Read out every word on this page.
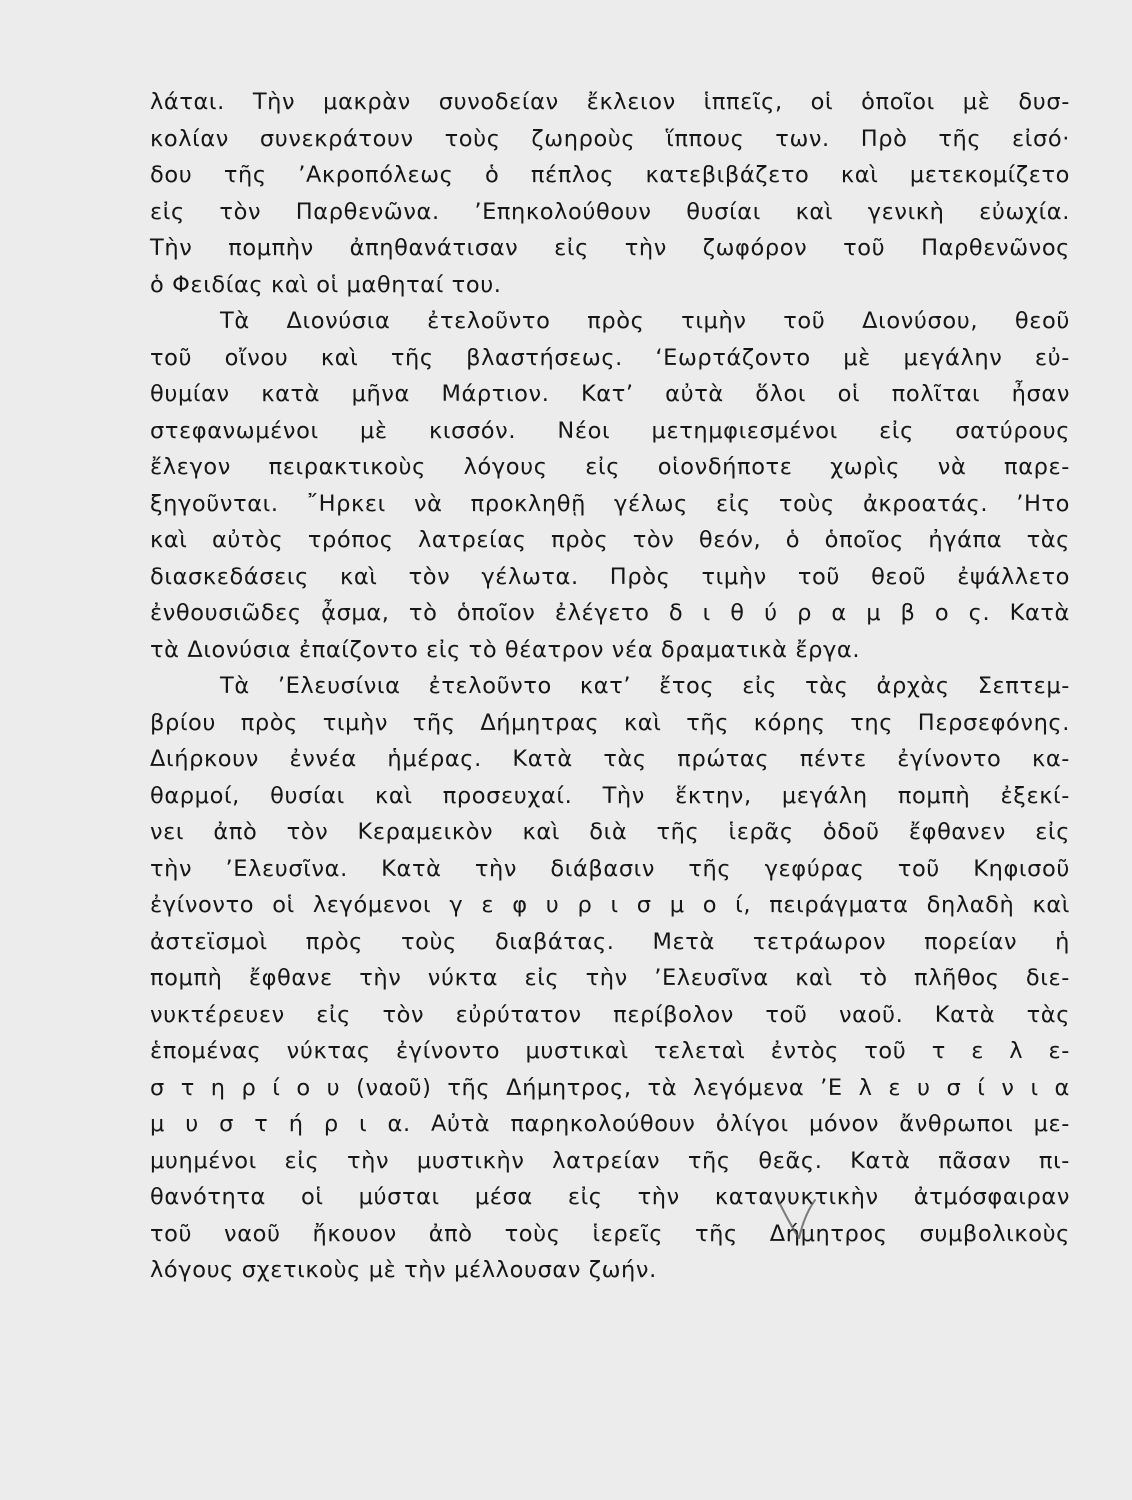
λάται. Τὴν μακρὰν συνοδείαν ἔκλειον ἱππεῖς, οἱ ὁποῖοι μὲ δυσ-
κολίαν συνεκράτουν τοὺς ζωηροὺς ἵππους των. Πρὸ τῆς εἰσό·
δου τῆς ’Ακροπόλεως ὁ πέπλος κατεβιβάζετο καὶ μετεκομίζετο
εἰς τὸν Παρθενῶνα. ’Επηκολούθουν θυσίαι καὶ γενικὴ εὐωχία.
Τὴν πομπὴν ἀπηθανάτισαν εἰς τὴν ζωφόρον τοῦ Παρθενῶνος
ὁ Φειδίας καὶ οἱ μαθηταί του.
Τὰ Διονύσια ἐτελοῦντο πρὸς τιμὴν τοῦ Διονύσου, θεοῦ
τοῦ οἴνου καὶ τῆς βλαστήσεως. ‘Εωρτάζοντο μὲ μεγάλην εὐ-
θυμίαν κατὰ μῆνα Μάρτιον. Κατ’ αὐτὰ ὅλοι οἱ πολῖται ἦσαν
στεφανωμένοι μὲ κισσόν. Νέοι μετημφιεσμένοι εἰς σατύρους
ἔλεγον πειρακτικοὺς λόγους εἰς οἱονδήποτε χωρὶς νὰ παρε-
ξηγοῦνται. ῎Ηρκει νὰ προκληθῇ γέλως εἰς τοὺς ἀκροατάς. ’Ητο
καὶ αὐτὸς τρόπος λατρείας πρὸς τὸν θεόν, ὁ ὁποῖος ἠγάπα τὰς
διασκεδάσεις καὶ τὸν γέλωτα. Πρὸς τιμὴν τοῦ θεοῦ ἐψάλλετο
ἐνθουσιῶδες ᾆσμα, τὸ ὁποῖον ἐλέγετο δ ι θ ύ ρ α μ β ο ς. Κατὰ
τὰ Διονύσια ἐπαίζοντο εἰς τὸ θέατρον νέα δραματικὰ ἔργα.
Τὰ ’Ελευσίνια ἐτελοῦντο κατ’ ἔτος εἰς τὰς ἀρχὰς Σεπτεμ-
βρίου πρὸς τιμὴν τῆς Δήμητρας καὶ τῆς κόρης της Περσεφόνης.
Διήρκουν ἐννέα ἡμέρας. Κατὰ τὰς πρώτας πέντε ἐγίνοντο κα-
θαρμοί, θυσίαι καὶ προσευχαί. Τὴν ἕκτην, μεγάλη πομπὴ ἐξεκί-
νει ἀπὸ τὸν Κεραμεικὸν καὶ διὰ τῆς ἱερᾶς ὁδοῦ ἔφθανεν εἰς
τὴν ’Ελευσῖνα. Κατὰ τὴν διάβασιν τῆς γεφύρας τοῦ Κηφισοῦ
ἐγίνοντο οἱ λεγόμενοι γ ε φ υ ρ ι σ μ ο ί, πειράγματα δηλαδὴ καὶ
ἀστεϊσμοὶ πρὸς τοὺς διαβάτας. Μετὰ τετράωρον πορείαν ἡ
πομπὴ ἔφθανε τὴν νύκτα εἰς τὴν ’Ελευσῖνα καὶ τὸ πλῆθος διε-
νυκτέρευεν εἰς τὸν εὐρύτατον περίβολον τοῦ ναοῦ. Κατὰ τὰς
ἑπομένας νύκτας ἐγίνοντο μυστικαὶ τελεταὶ ἐντὸς τοῦ τ ε λ ε-
σ τ η ρ ί ο υ (ναοῦ) τῆς Δήμητρος, τὰ λεγόμενα ’Ε λ ε υ σ ί ν ι α
μ υ σ τ ή ρ ι α. Αὐτὰ παρηκολούθουν ὀλίγοι μόνον ἄνθρωποι με-
μυημένοι εἰς τὴν μυστικὴν λατρείαν τῆς θεᾶς. Κατὰ πᾶσαν πι-
θανότητα οἱ μύσται μέσα εἰς τὴν κατανυκτικὴν ἀτμόσφαιραν
τοῦ ναοῦ ἤκουον ἀπὸ τοὺς ἱερεῖς τῆς Δήμητρος συμβολικοὺς
λόγους σχετικοὺς μὲ τὴν μέλλουσαν ζωήν.
